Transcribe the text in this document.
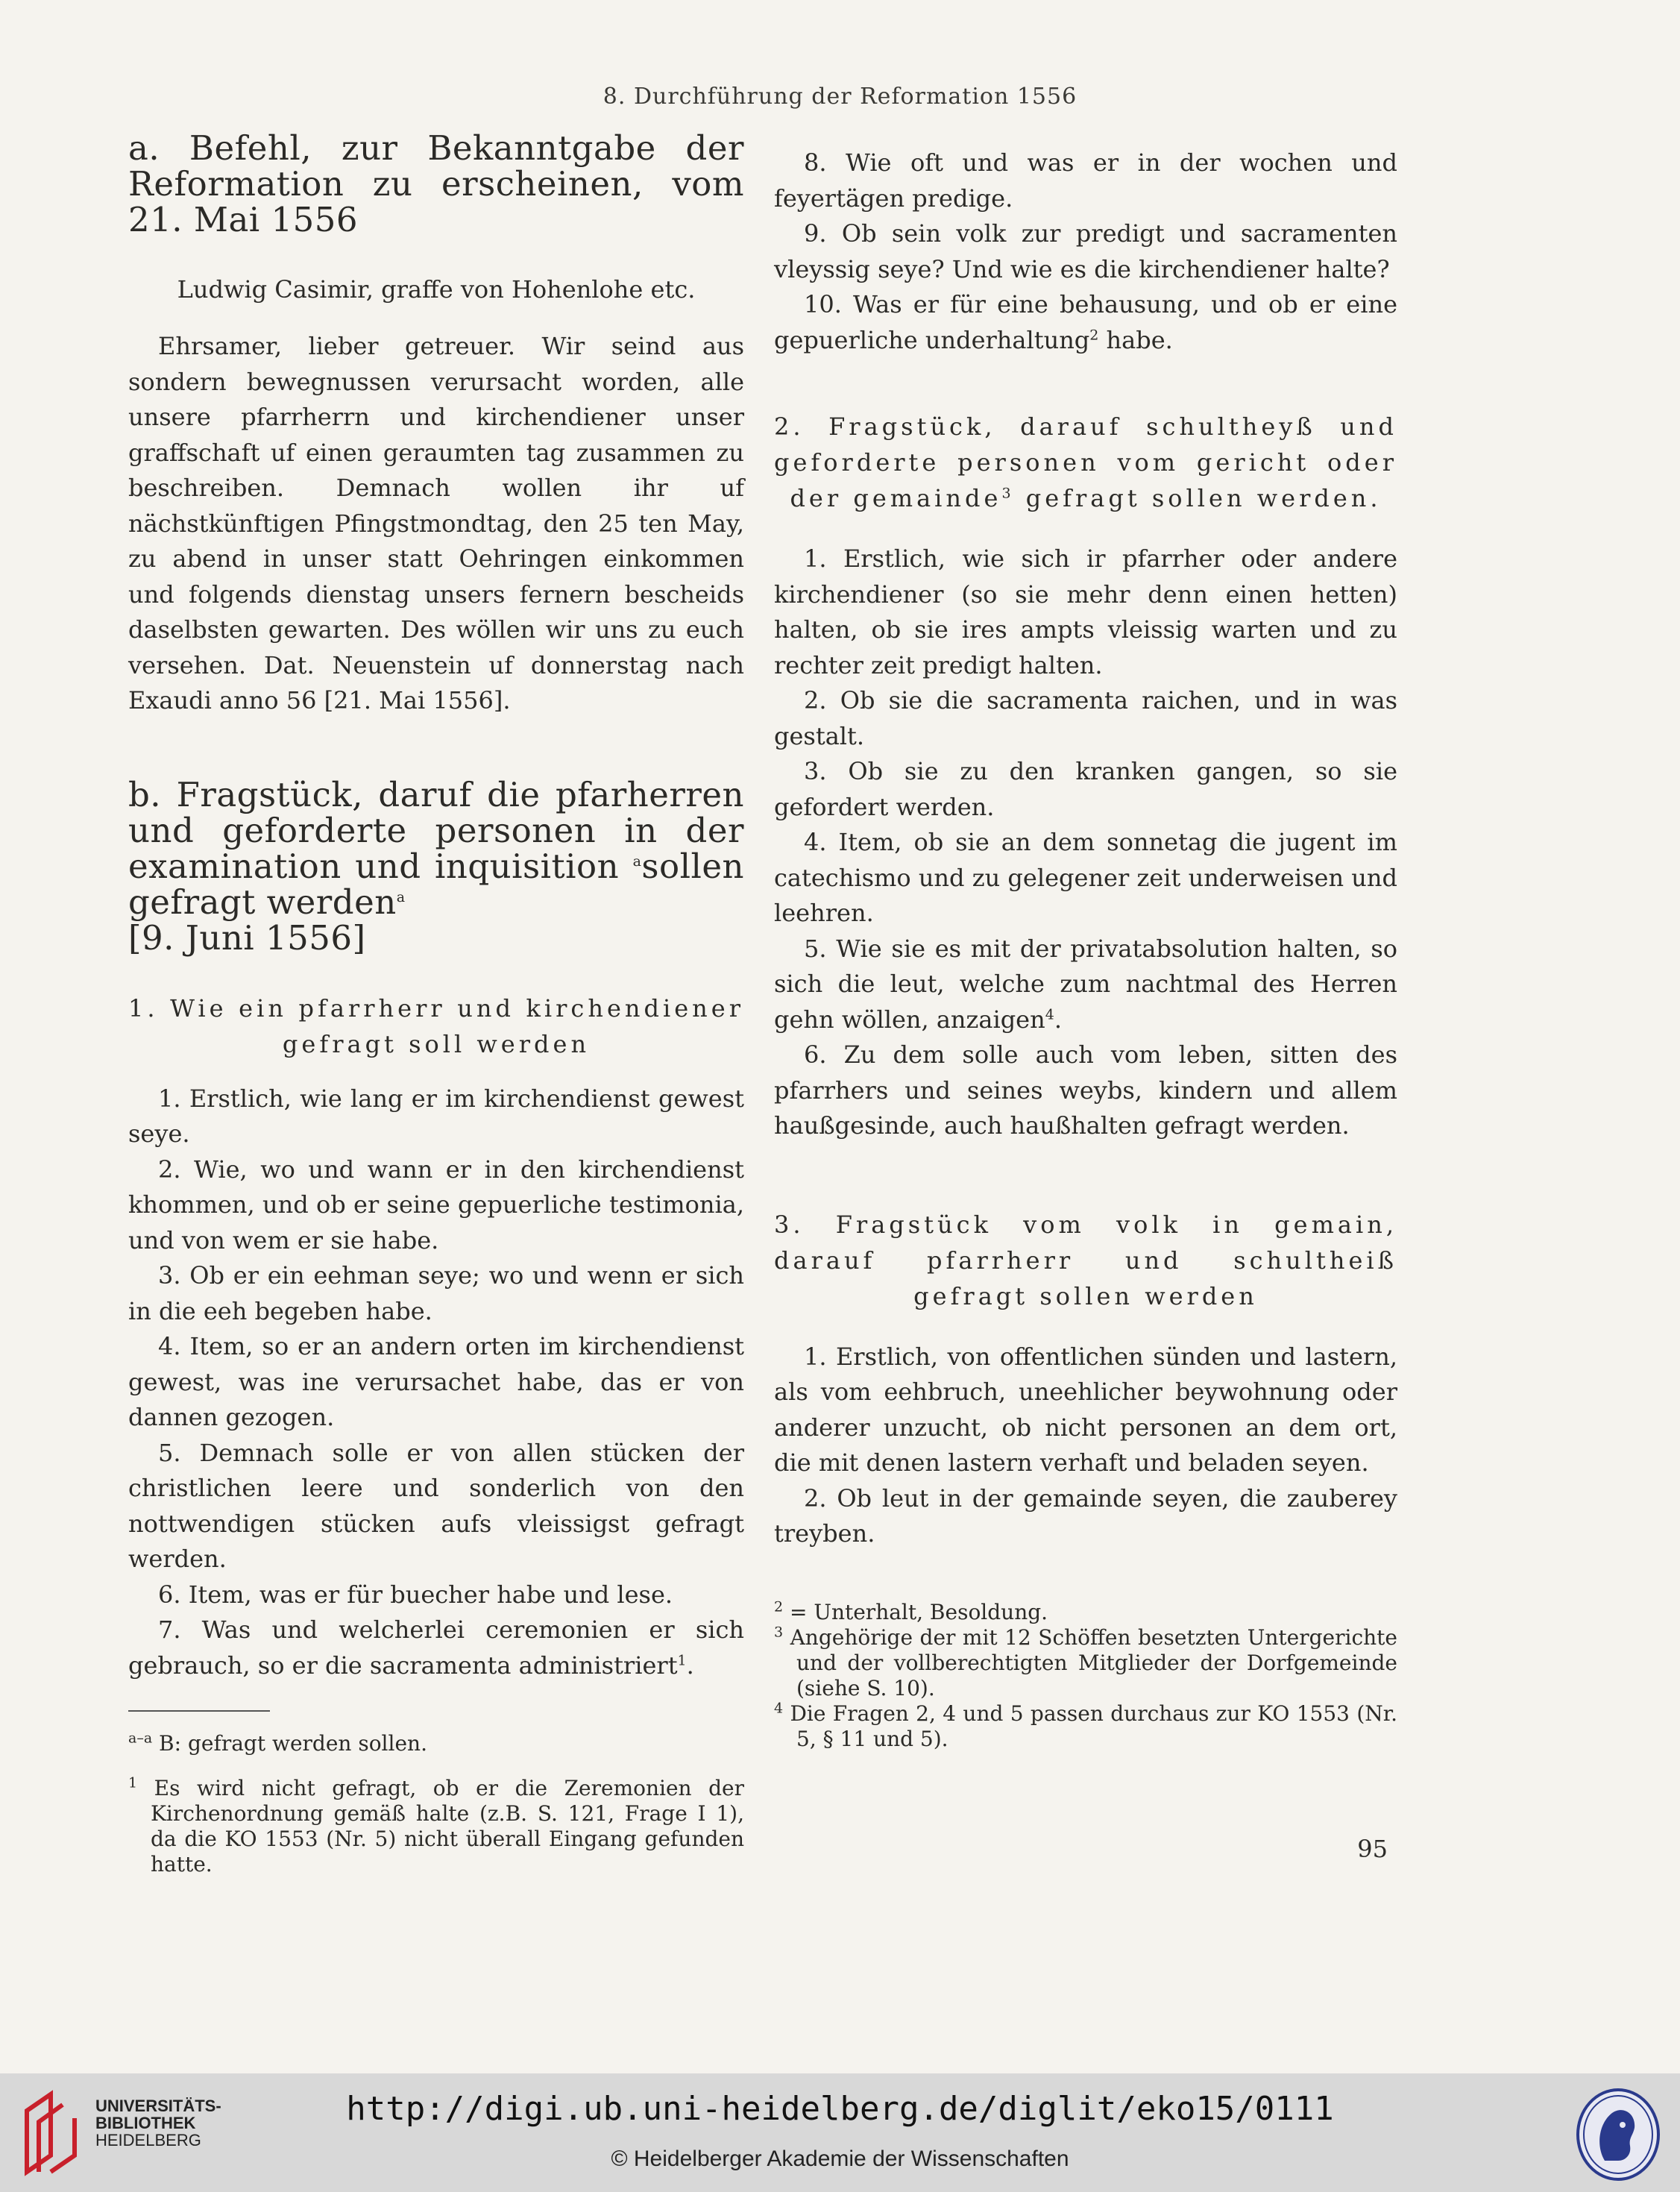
8. Durchführung der Reformation 1556
a. Befehl, zur Bekanntgabe der Reformation zu erscheinen, vom 21. Mai 1556
Ludwig Casimir, graffe von Hohenlohe etc.

Ehrsamer, lieber getreuer. Wir seind aus sondern bewegnussen verursacht worden, alle unsere pfarrherrn und kirchendiener unser graffschaft uf einen geraumten tag zusammen zu beschreiben. Demnach wollen ihr uf nächstkünftigen Pfingstmondtag, den 25 ten May, zu abend in unser statt Oehringen einkommen und folgends dienstag unsers fernern bescheids daselbsten gewarten. Des wöllen wir uns zu euch versehen. Dat. Neuenstein uf donnerstag nach Exaudi anno 56 [21. Mai 1556].

b. Fragstück, daruf die pfarherren und geforderte personen in der examination und inquisition $^a$sollen gefragt werden$^a$
[9. Juni 1556]
1. Wie ein pfarrherr und kirchendiener gefragt soll werden

1. Erstlich, wie lang er im kirchendienst gewest seye.

2. Wie, wo und wann er in den kirchendienst khommen, und ob er seine gepuerliche testimonia, und von wem er sie habe.

3. Ob er ein eehman seye; wo und wenn er sich in die eeh begeben habe.

4. Item, so er an andern orten im kirchendienst gewest, was ine verursachet habe, das er von dannen gezogen.

5. Demnach solle er von allen stücken der christlichen leere und sonderlich von den nottwendigen stücken aufs vleissigst gefragt werden.

6. Item, was er für buecher habe und lese.

7. Was und welcherlei ceremonien er sich gebrauch, so er die sacramenta administriert$^1$.

$^{a-a}$ B: gefragt werden sollen.
$^1$ Es wird nicht gefragt, ob er die Zeremonien der Kirchenordnung gemäß halte (z.B. S. 121, Frage I 1), da die KO 1553 (Nr. 5) nicht überall Eingang gefunden hatte.

8. Wie oft und was er in der wochen und feyertägen predige.

9. Ob sein volk zur predigt und sacramenten vleyssig seye? Und wie es die kirchendiener halte?

10. Was er für eine behausung, und ob er eine gepuerliche underhaltung$^2$ habe.

2. Fragstück, darauf schultheyß und geforderte personen vom gericht oder der gemainde$^3$ gefragt sollen werden.

1. Erstlich, wie sich ir pfarrher oder andere kirchendiener (so sie mehr denn einen hetten) halten, ob sie ires ampts vleissig warten und zu rechter zeit predigt halten.

2. Ob sie die sacramenta raichen, und in was gestalt.

3. Ob sie zu den kranken gangen, so sie gefordert werden.

4. Item, ob sie an dem sonnetag die jugent im catechismo und zu gelegener zeit underweisen und leehren.

5. Wie sie es mit der privatabsolution halten, so sich die leut, welche zum nachtmal des Herren gehn wöllen, anzaigen$^4$.

6. Zu dem solle auch vom leben, sitten des pfarrhers und seines weybs, kindern und allem haußgesinde, auch haußhalten gefragt werden.

3. Fragstück vom volk in gemain, darauf pfarrherr und schultheiß gefragt sollen werden

1. Erstlich, von offentlichen sünden und lastern, als vom eehbruch, uneehlicher beywohnung oder anderer unzucht, ob nicht personen an dem ort, die mit denen lastern verhaft und beladen seyen.

2. Ob leut in der gemainde seyen, die zauberey treyben.

$^2$ = Unterhalt, Besoldung.
$^3$ Angehörige der mit 12 Schöffen besetzten Untergerichte und der vollberechtigten Mitglieder der Dorfgemeinde (siehe S. 10).
$^4$ Die Fragen 2, 4 und 5 passen durchaus zur KO 1553 (Nr. 5, § 11 und 5).
95
UNIVERSITÄTS-
BIBLIOTHEK
HEIDELBERG
http://digi.ub.uni-heidelberg.de/diglit/eko15/0111
© Heidelberger Akademie der Wissenschaften
